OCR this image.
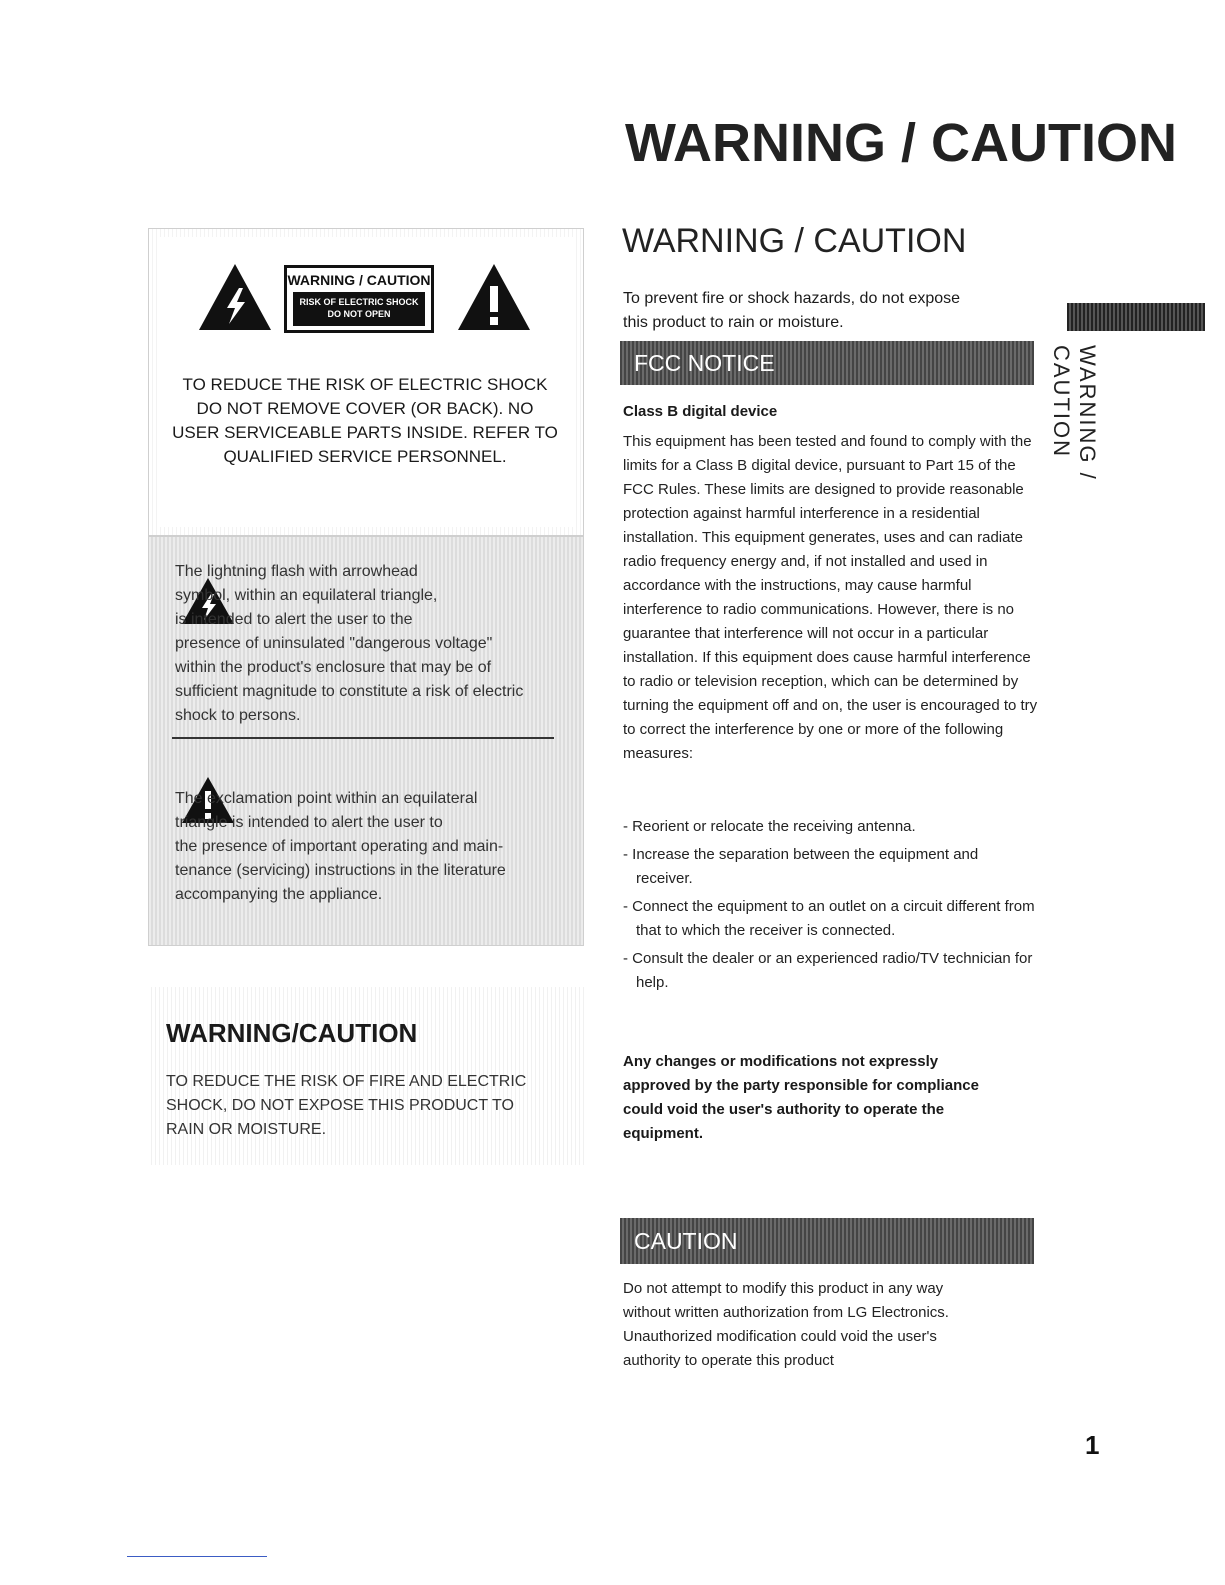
WARNING / CAUTION
WARNING / CAUTION
RISK OF ELECTRIC SHOCK
DO NOT OPEN
TO REDUCE THE RISK OF ELECTRIC SHOCK
DO NOT REMOVE COVER (OR BACK). NO
USER SERVICEABLE PARTS INSIDE. REFER TO
QUALIFIED SERVICE PERSONNEL.
The lightning flash with arrowhead
symbol, within an equilateral triangle,
is intended to alert the user to the
presence of uninsulated "dangerous voltage"
within the product's enclosure that may be of
sufficient magnitude to constitute a risk of electric
shock to persons.
The exclamation point within an equilateral
triangle is intended to alert the user to
the presence of important operating and main-
tenance (servicing) instructions in the literature
accompanying the appliance.
WARNING/CAUTION
TO REDUCE THE RISK OF FIRE AND ELECTRIC
SHOCK, DO NOT EXPOSE THIS PRODUCT TO
RAIN OR MOISTURE.
WARNING / CAUTION
To prevent fire or shock hazards, do not expose
this product to rain or moisture.
FCC NOTICE
Class B digital device

This equipment has been tested and found to comply with the limits for a Class B digital device, pursuant to Part 15 of the FCC Rules. These limits are designed to provide reasonable protection against harmful interference in a residential installation. This equipment generates, uses and can radiate radio frequency energy and, if not installed and used in accordance with the instructions, may cause harmful interference to radio communications. However, there is no guarantee that interference will not occur in a particular installation. If this equipment does cause harmful interference to radio or television reception, which can be determined by turning the equipment off and on, the user is encouraged to try to correct the interference by one or more of the following measures:

- Reorient or relocate the receiving antenna.

- Increase the separation between the equipment and receiver.

- Connect the equipment to an outlet on a circuit different from that to which the receiver is connected.

- Consult the dealer or an experienced radio/TV technician for help.

Any changes or modifications not expressly
approved by the party responsible for compliance
could void the user's authority to operate the
equipment.
CAUTION
Do not attempt to modify this product in any way
without written authorization from LG Electronics.
Unauthorized modification could void the user's
authority to operate this product
WARNING / CAUTION
1
